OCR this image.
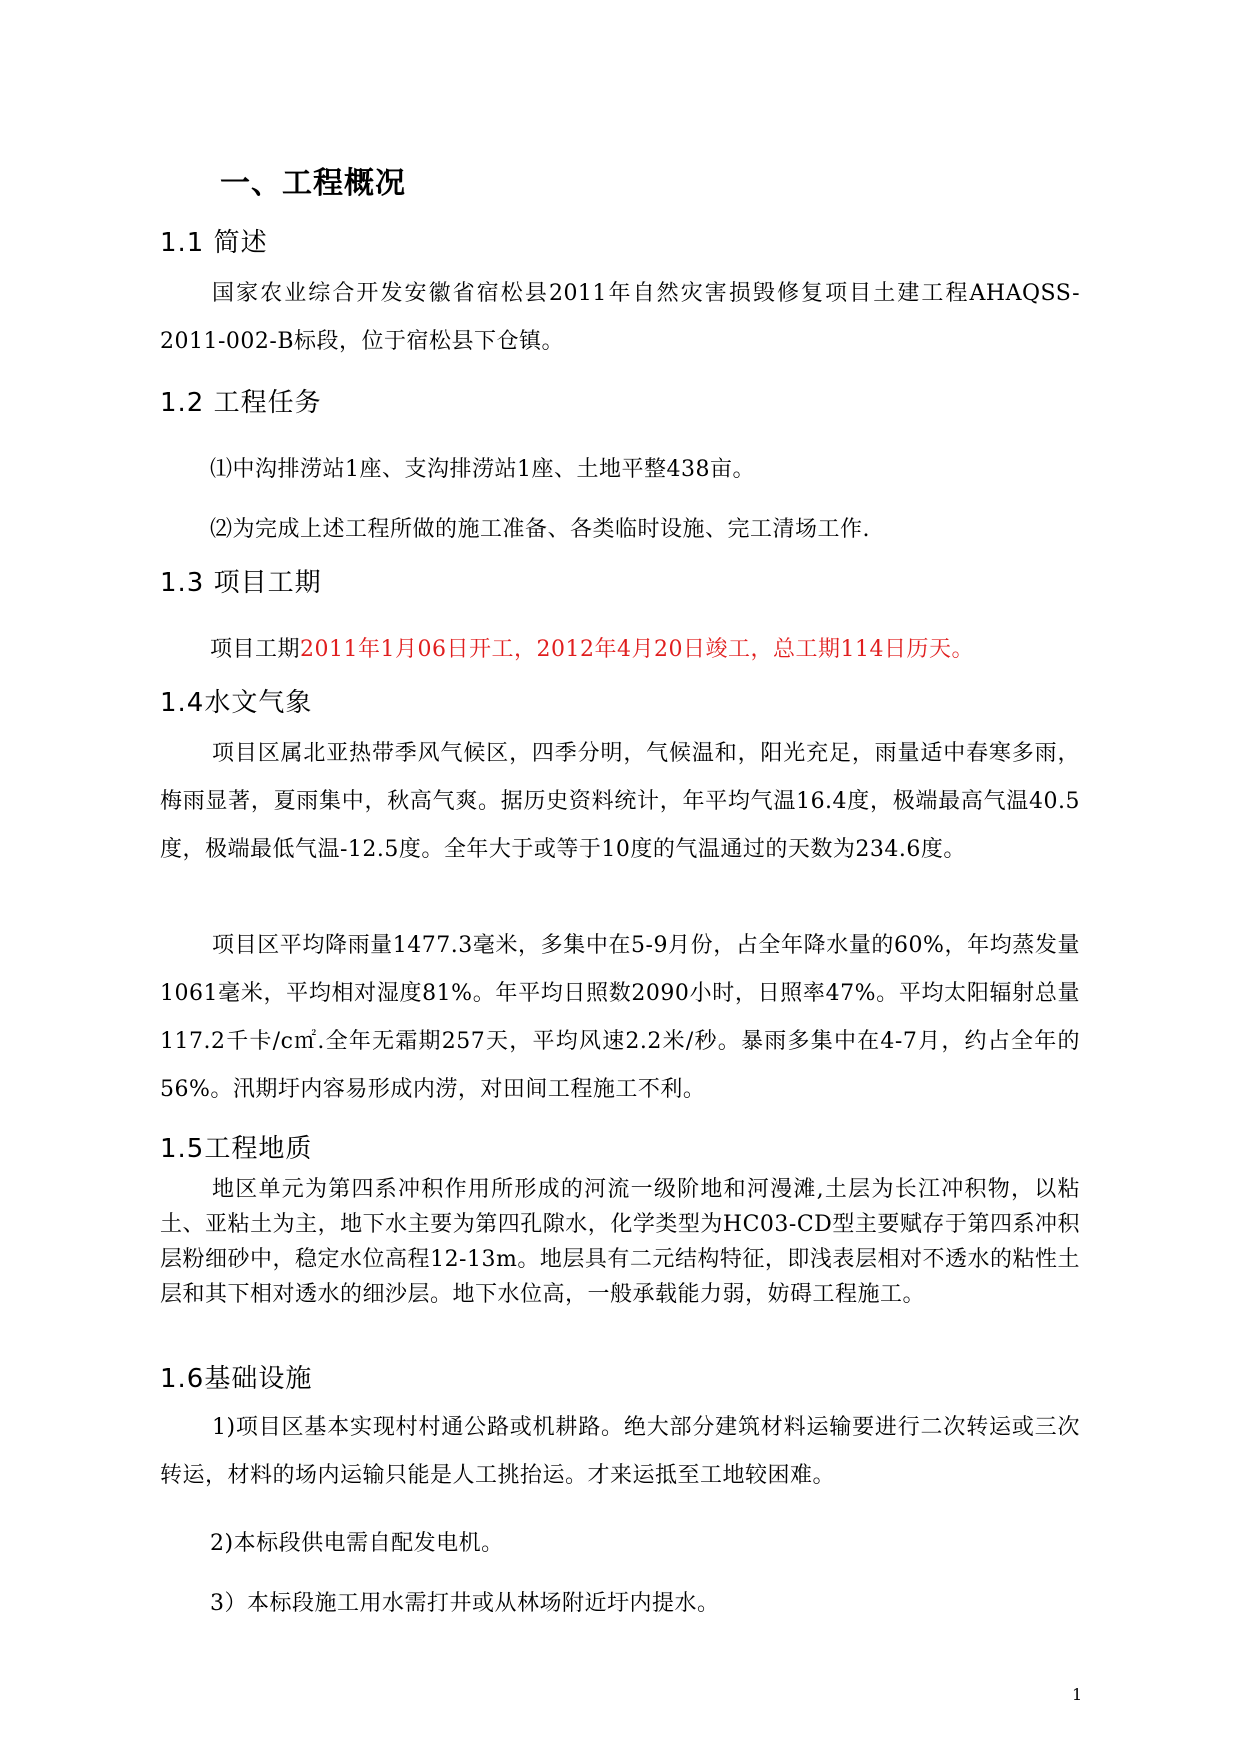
一、工程概况
1.1 简述
国家农业综合开发安徽省宿松县2011年自然灾害损毁修复项目土建工程AHAQSS-2011-002-B标段，位于宿松县下仓镇。
1.2 工程任务
⑴中沟排涝站1座、支沟排涝站1座、土地平整438亩。
⑵为完成上述工程所做的施工准备、各类临时设施、完工清场工作.
1.3 项目工期
项目工期2011年1月06日开工，2012年4月20日竣工，总工期114日历天。
1.4水文气象
项目区属北亚热带季风气候区，四季分明，气候温和，阳光充足，雨量适中春寒多雨，梅雨显著，夏雨集中，秋高气爽。据历史资料统计，年平均气温16.4度，极端最高气温40.5度，极端最低气温-12.5度。全年大于或等于10度的气温通过的天数为234.6度。
项目区平均降雨量1477.3毫米，多集中在5-9月份，占全年降水量的60%，年均蒸发量1061毫米，平均相对湿度81%。年平均日照数2090小时，日照率47%。平均太阳辐射总量117.2千卡/c㎡.全年无霜期257天，平均风速2.2米/秒。暴雨多集中在4-7月，约占全年的56%。汛期圩内容易形成内涝，对田间工程施工不利。
1.5工程地质
地区单元为第四系冲积作用所形成的河流一级阶地和河漫滩,土层为长江冲积物，以粘土、亚粘土为主，地下水主要为第四孔隙水，化学类型为HC03-CD型主要赋存于第四系冲积层粉细砂中，稳定水位高程12-13m。地层具有二元结构特征，即浅表层相对不透水的粘性土层和其下相对透水的细沙层。地下水位高，一般承载能力弱，妨碍工程施工。
1.6基础设施
1)项目区基本实现村村通公路或机耕路。绝大部分建筑材料运输要进行二次转运或三次转运，材料的场内运输只能是人工挑抬运。才来运抵至工地较困难。
2)本标段供电需自配发电机。
3）本标段施工用水需打井或从林场附近圩内提水。
1
